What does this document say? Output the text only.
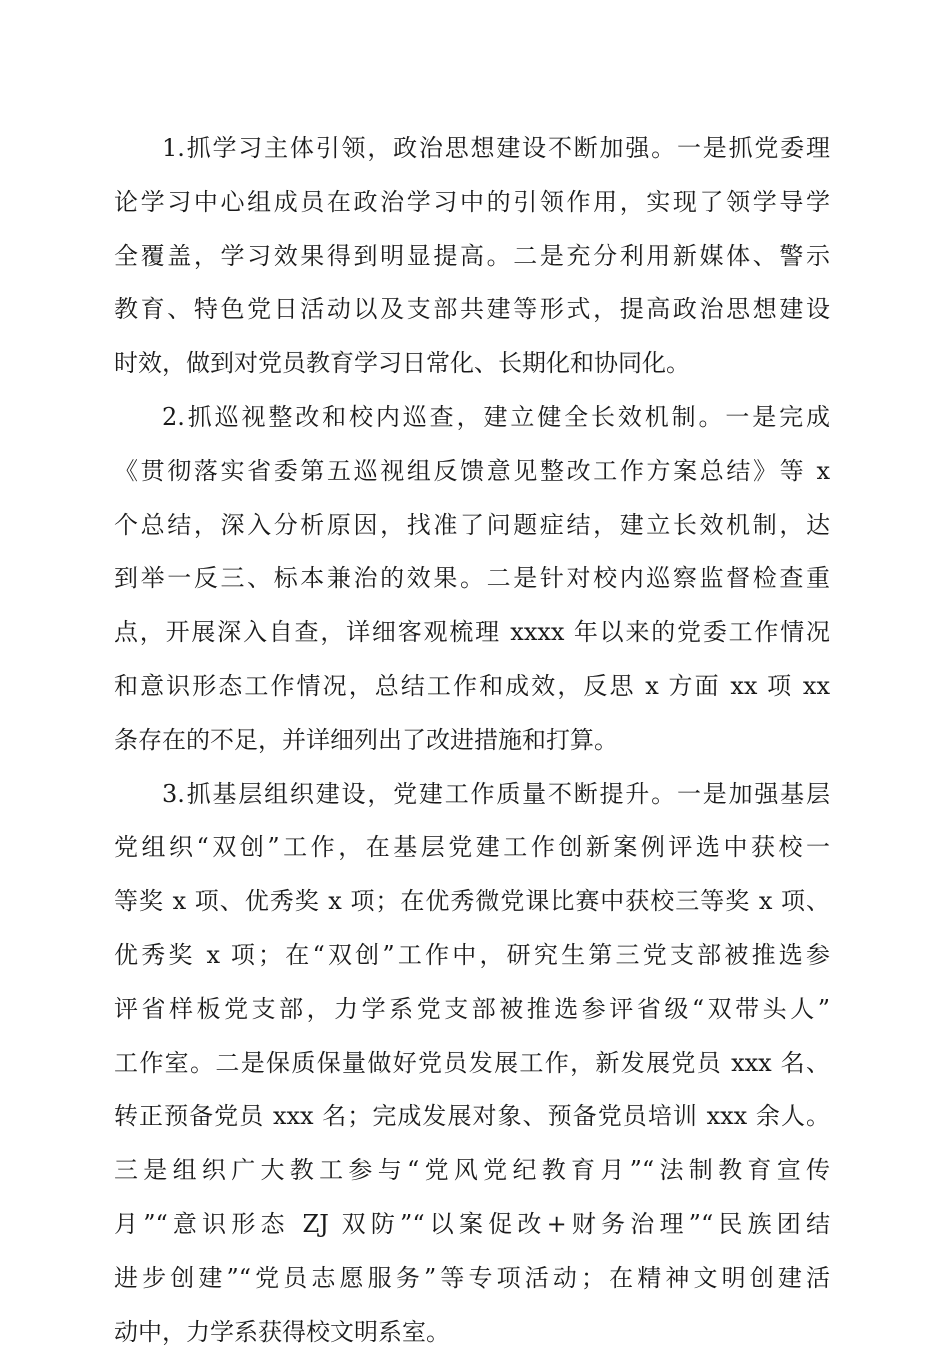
1.抓学习主体引领，政治思想建设不断加强。一是抓党委理
论学习中心组成员在政治学习中的引领作用，实现了领学导学
全覆盖，学习效果得到明显提高。二是充分利用新媒体、警示
教育、特色党日活动以及支部共建等形式，提高政治思想建设
时效，做到对党员教育学习日常化、长期化和协同化。
2.抓巡视整改和校内巡查，建立健全长效机制。一是完成
《贯彻落实省委第五巡视组反馈意见整改工作方案总结》等 x
个总结，深入分析原因，找准了问题症结，建立长效机制，达
到举一反三、标本兼治的效果。二是针对校内巡察监督检查重
点，开展深入自查，详细客观梳理 xxxx 年以来的党委工作情况
和意识形态工作情况，总结工作和成效，反思 x 方面 xx 项 xx
条存在的不足，并详细列出了改进措施和打算。
3.抓基层组织建设，党建工作质量不断提升。一是加强基层
党组织“双创”工作，在基层党建工作创新案例评选中获校一
等奖 x 项、优秀奖 x 项；在优秀微党课比赛中获校三等奖 x 项、
优秀奖 x 项；在“双创”工作中，研究生第三党支部被推选参
评省样板党支部，力学系党支部被推选参评省级“双带头人”
工作室。二是保质保量做好党员发展工作，新发展党员 xxx 名、
转正预备党员 xxx 名；完成发展对象、预备党员培训 xxx 余人。
三是组织广大教工参与“党风党纪教育月”“法制教育宣传
月”“意识形态 ZJ 双防”“以案促改+财务治理”“民族团结
进步创建”“党员志愿服务”等专项活动；在精神文明创建活
动中，力学系获得校文明系室。
